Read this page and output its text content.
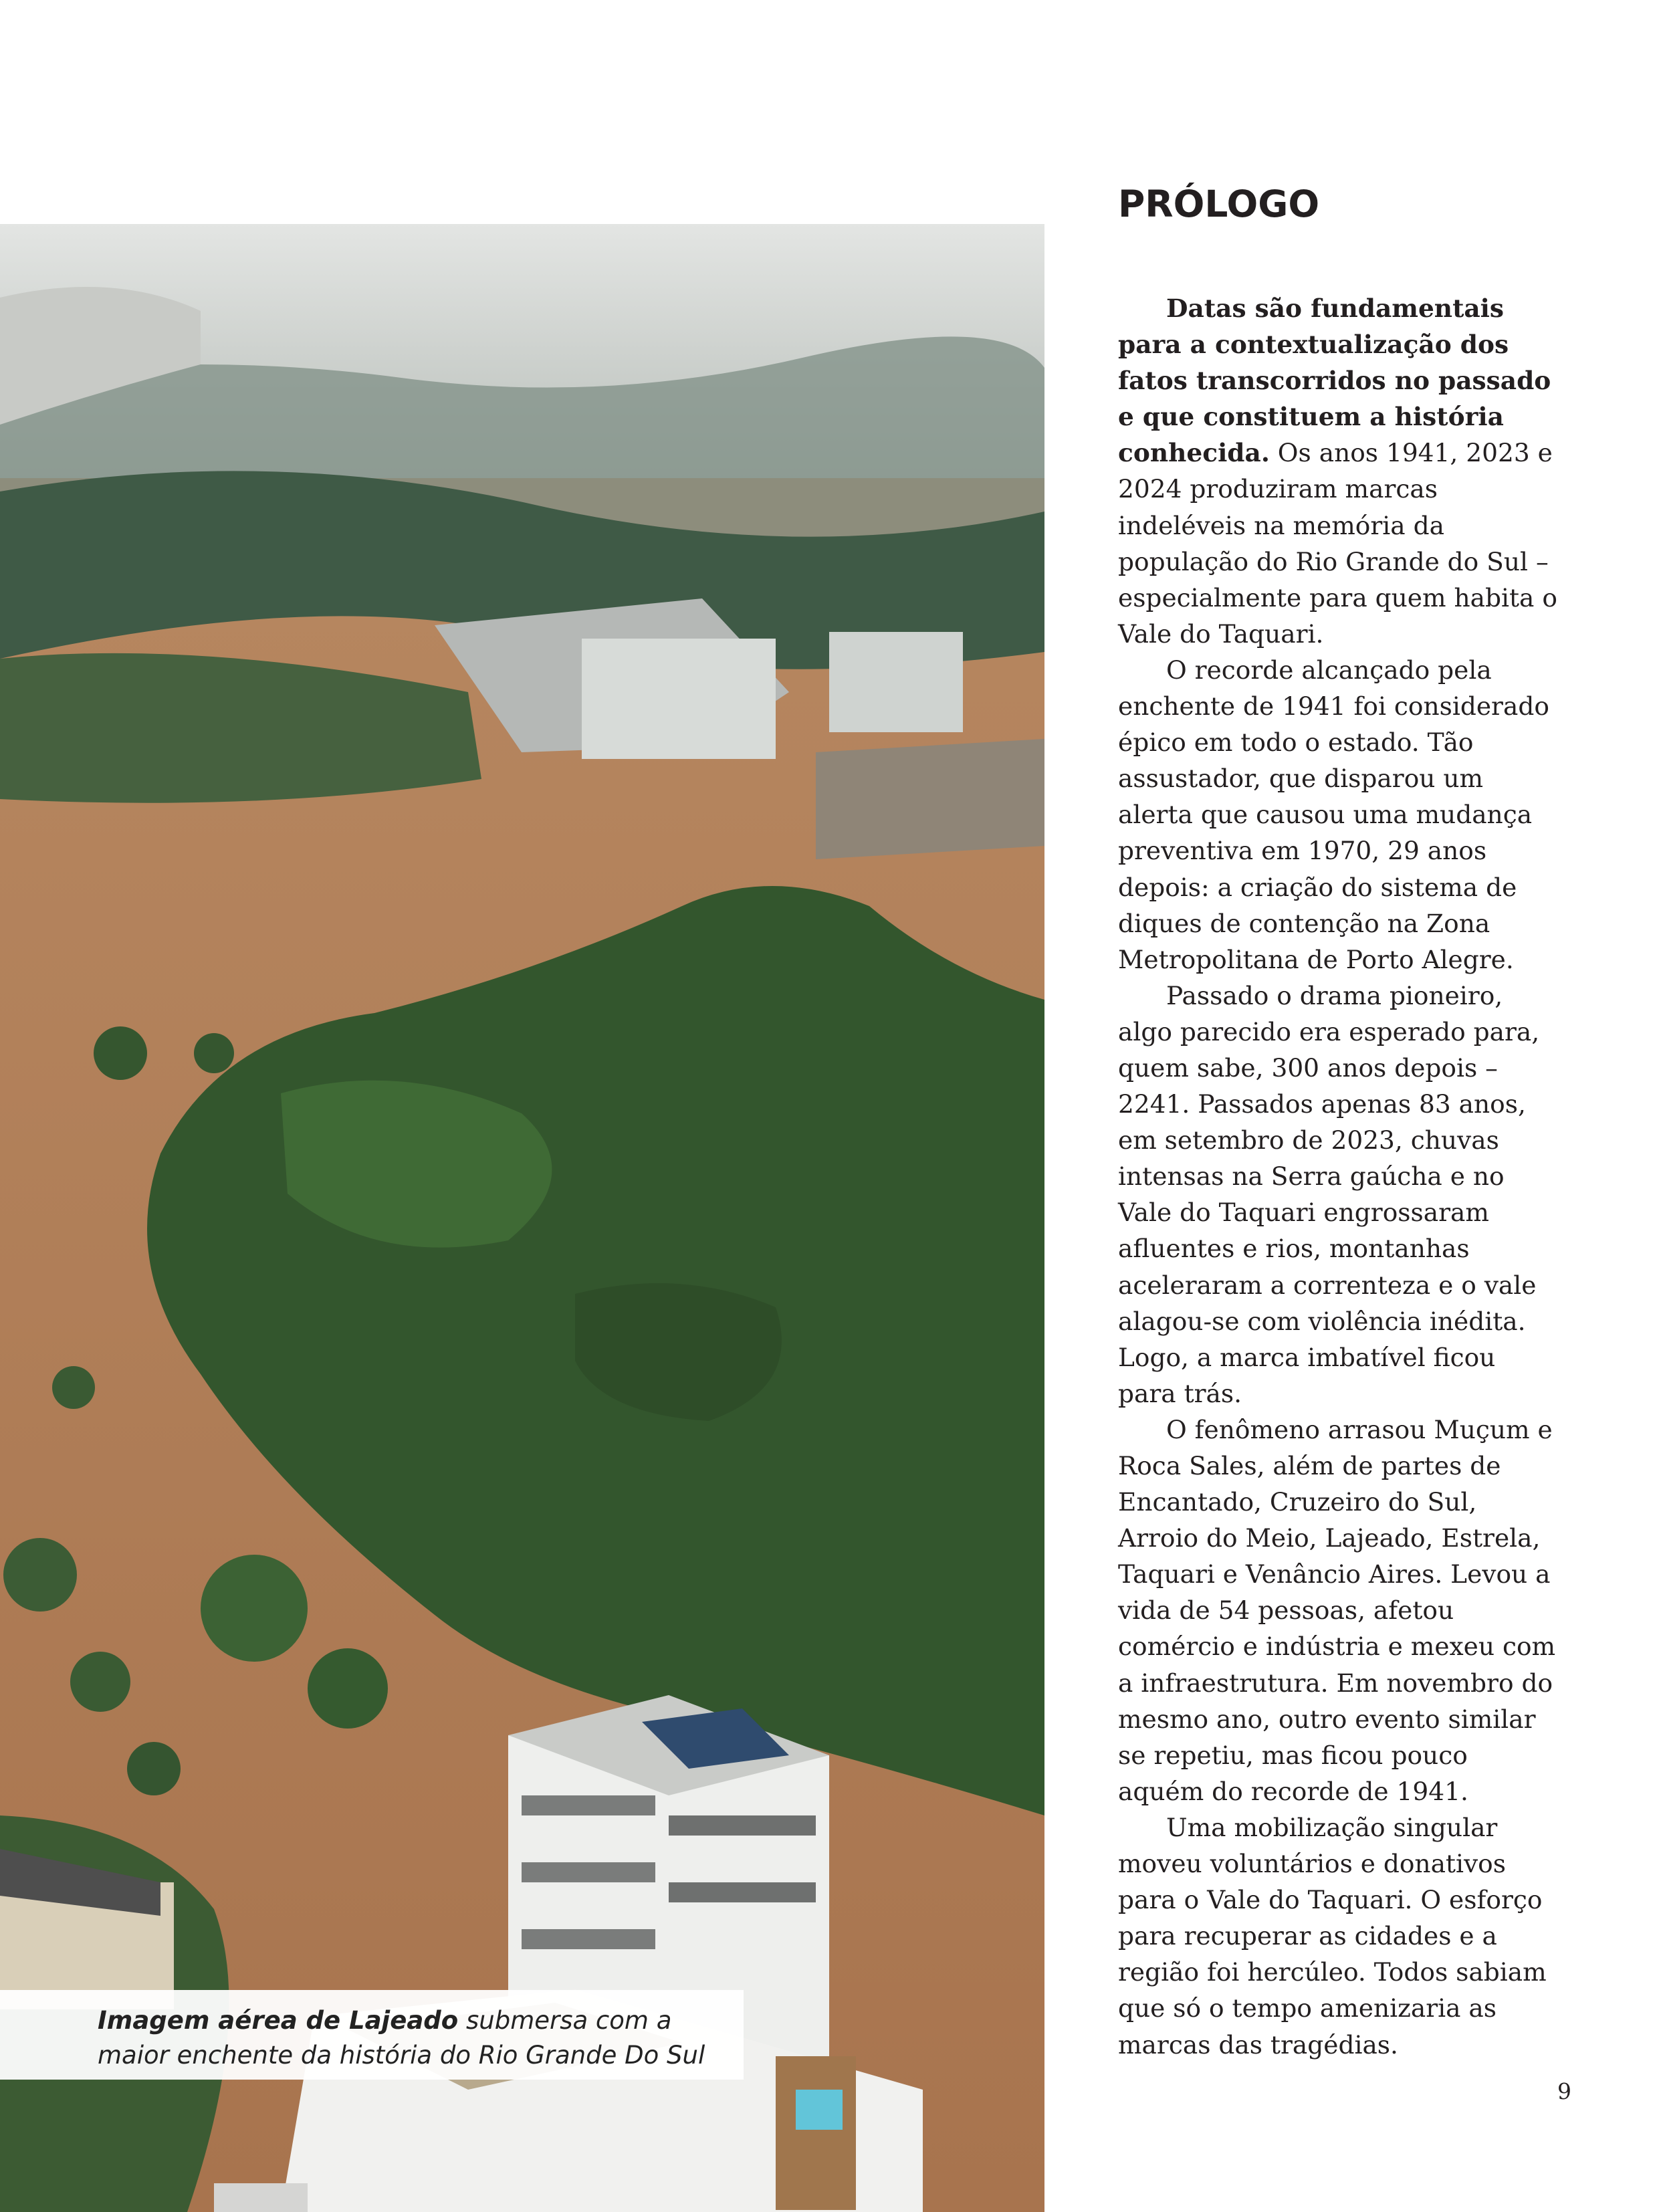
Imagem aérea de Lajeado submersa com a maior enchente da história do Rio Grande Do Sul
PRÓLOGO

Datas são fundamentais para a contextualização dos fatos transcorridos no passado e que constituem a história conhecida. Os anos 1941, 2023 e 2024 produziram marcas indeléveis na memória da população do Rio Grande do Sul – especialmente para quem habita o Vale do Taquari.

O recorde alcançado pela enchente de 1941 foi considerado épico em todo o estado. Tão assustador, que disparou um alerta que causou uma mudança preventiva em 1970, 29 anos depois: a criação do sistema de diques de contenção na Zona Metropolitana de Porto Alegre.

Passado o drama pioneiro, algo parecido era esperado para, quem sabe, 300 anos depois – 2241. Passados apenas 83 anos, em setembro de 2023, chuvas intensas na Serra gaúcha e no Vale do Taquari engrossaram afluentes e rios, montanhas aceleraram a correnteza e o vale alagou-se com violência inédita. Logo, a marca imbatível ficou para trás.

O fenômeno arrasou Muçum e Roca Sales, além de partes de Encantado, Cruzeiro do Sul, Arroio do Meio, Lajeado, Estrela, Taquari e Venâncio Aires. Levou a vida de 54 pessoas, afetou comércio e indústria e mexeu com a infraestrutura. Em novembro do mesmo ano, outro evento similar se repetiu, mas ficou pouco aquém do recorde de 1941.

Uma mobilização singular moveu voluntários e donativos para o Vale do Taquari. O esforço para recuperar as cidades e a região foi hercúleo. Todos sabiam que só o tempo amenizaria as marcas das tragédias.

9
